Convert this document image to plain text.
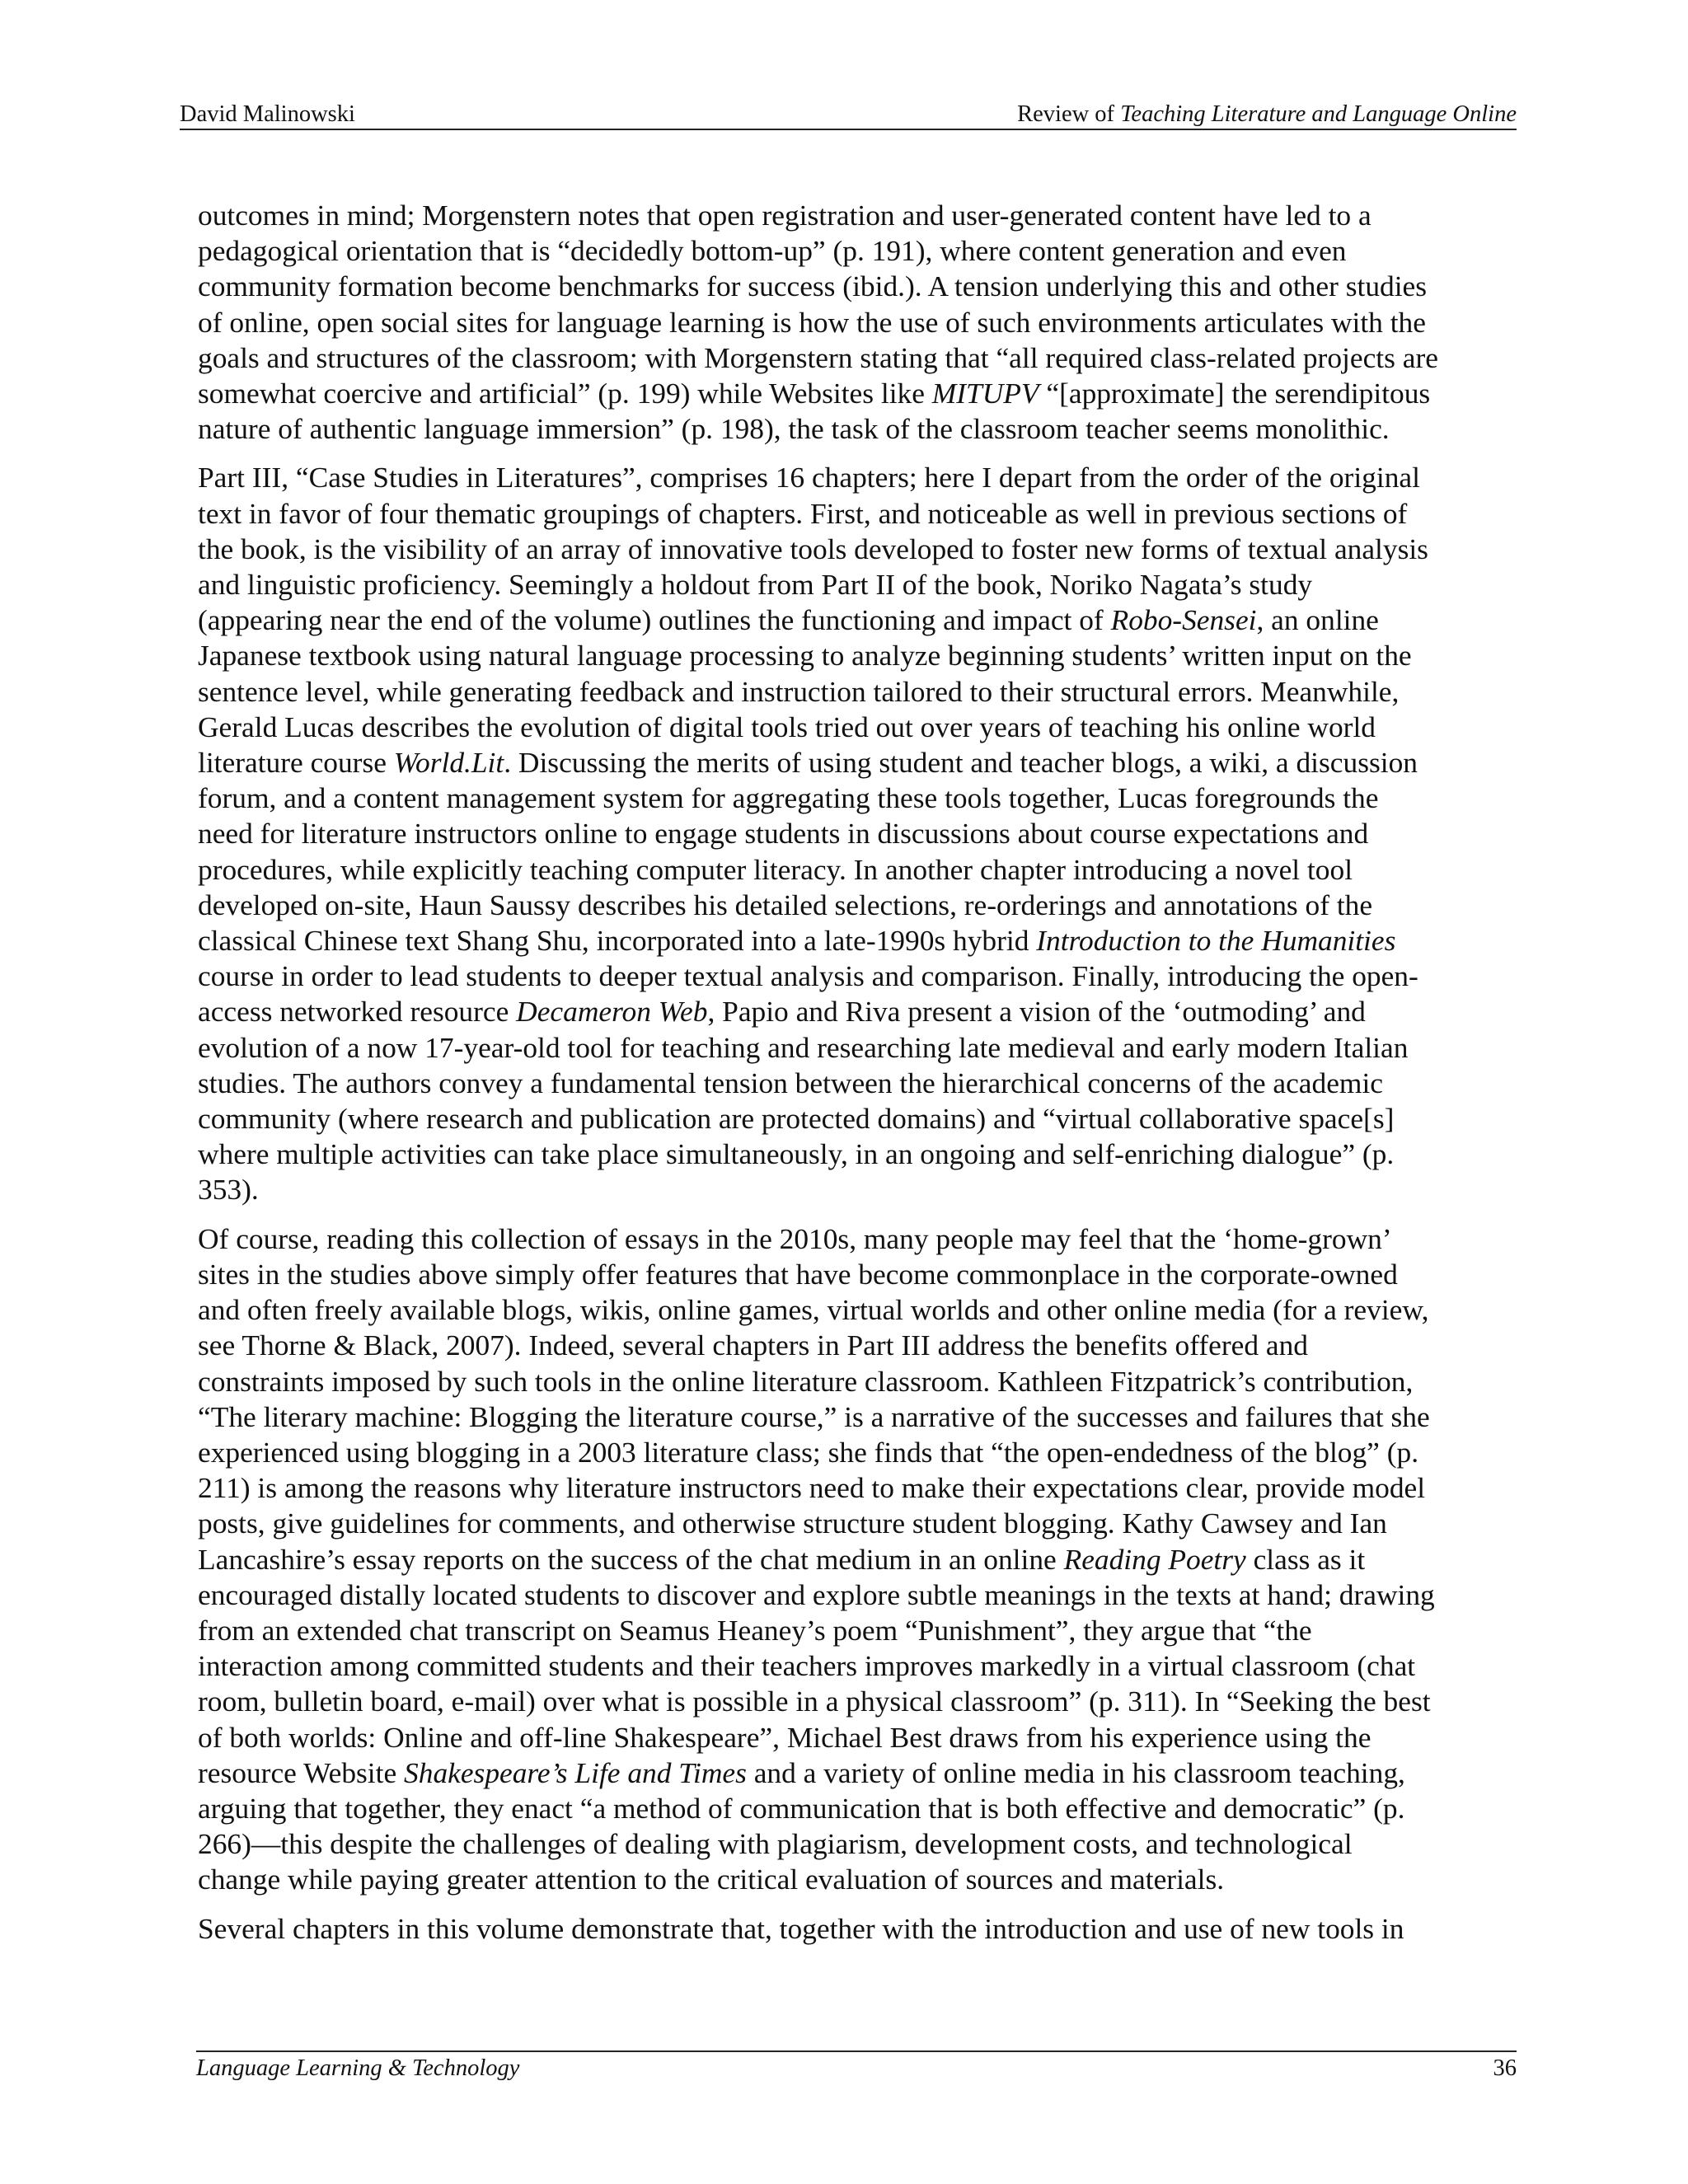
David Malinowski	Review of Teaching Literature and Language Online

outcomes in mind; Morgenstern notes that open registration and user-generated content have led to a
pedagogical orientation that is “decidedly bottom-up” (p. 191), where content generation and even
community formation become benchmarks for success (ibid.). A tension underlying this and other studies
of online, open social sites for language learning is how the use of such environments articulates with the
goals and structures of the classroom; with Morgenstern stating that “all required class-related projects are
somewhat coercive and artificial” (p. 199) while Websites like MITUPV “[approximate] the serendipitous
nature of authentic language immersion” (p. 198), the task of the classroom teacher seems monolithic.

Part III, “Case Studies in Literatures”, comprises 16 chapters; here I depart from the order of the original
text in favor of four thematic groupings of chapters. First, and noticeable as well in previous sections of
the book, is the visibility of an array of innovative tools developed to foster new forms of textual analysis
and linguistic proficiency. Seemingly a holdout from Part II of the book, Noriko Nagata’s study
(appearing near the end of the volume) outlines the functioning and impact of Robo-Sensei, an online
Japanese textbook using natural language processing to analyze beginning students’ written input on the
sentence level, while generating feedback and instruction tailored to their structural errors. Meanwhile,
Gerald Lucas describes the evolution of digital tools tried out over years of teaching his online world
literature course World.Lit. Discussing the merits of using student and teacher blogs, a wiki, a discussion
forum, and a content management system for aggregating these tools together, Lucas foregrounds the
need for literature instructors online to engage students in discussions about course expectations and
procedures, while explicitly teaching computer literacy. In another chapter introducing a novel tool
developed on-site, Haun Saussy describes his detailed selections, re-orderings and annotations of the
classical Chinese text Shang Shu, incorporated into a late-1990s hybrid Introduction to the Humanities
course in order to lead students to deeper textual analysis and comparison. Finally, introducing the open-
access networked resource Decameron Web, Papio and Riva present a vision of the ‘outmoding’ and
evolution of a now 17-year-old tool for teaching and researching late medieval and early modern Italian
studies. The authors convey a fundamental tension between the hierarchical concerns of the academic
community (where research and publication are protected domains) and “virtual collaborative space[s]
where multiple activities can take place simultaneously, in an ongoing and self-enriching dialogue” (p.
353).

Of course, reading this collection of essays in the 2010s, many people may feel that the ‘home-grown’
sites in the studies above simply offer features that have become commonplace in the corporate-owned
and often freely available blogs, wikis, online games, virtual worlds and other online media (for a review,
see Thorne & Black, 2007). Indeed, several chapters in Part III address the benefits offered and
constraints imposed by such tools in the online literature classroom. Kathleen Fitzpatrick’s contribution,
“The literary machine: Blogging the literature course,” is a narrative of the successes and failures that she
experienced using blogging in a 2003 literature class; she finds that “the open-endedness of the blog” (p.
211) is among the reasons why literature instructors need to make their expectations clear, provide model
posts, give guidelines for comments, and otherwise structure student blogging. Kathy Cawsey and Ian
Lancashire’s essay reports on the success of the chat medium in an online Reading Poetry class as it
encouraged distally located students to discover and explore subtle meanings in the texts at hand; drawing
from an extended chat transcript on Seamus Heaney’s poem “Punishment”, they argue that “the
interaction among committed students and their teachers improves markedly in a virtual classroom (chat
room, bulletin board, e-mail) over what is possible in a physical classroom” (p. 311). In “Seeking the best
of both worlds: Online and off-line Shakespeare”, Michael Best draws from his experience using the
resource Website Shakespeare’s Life and Times and a variety of online media in his classroom teaching,
arguing that together, they enact “a method of communication that is both effective and democratic” (p.
266)—this despite the challenges of dealing with plagiarism, development costs, and technological
change while paying greater attention to the critical evaluation of sources and materials.

Several chapters in this volume demonstrate that, together with the introduction and use of new tools in

Language Learning & Technology	36
